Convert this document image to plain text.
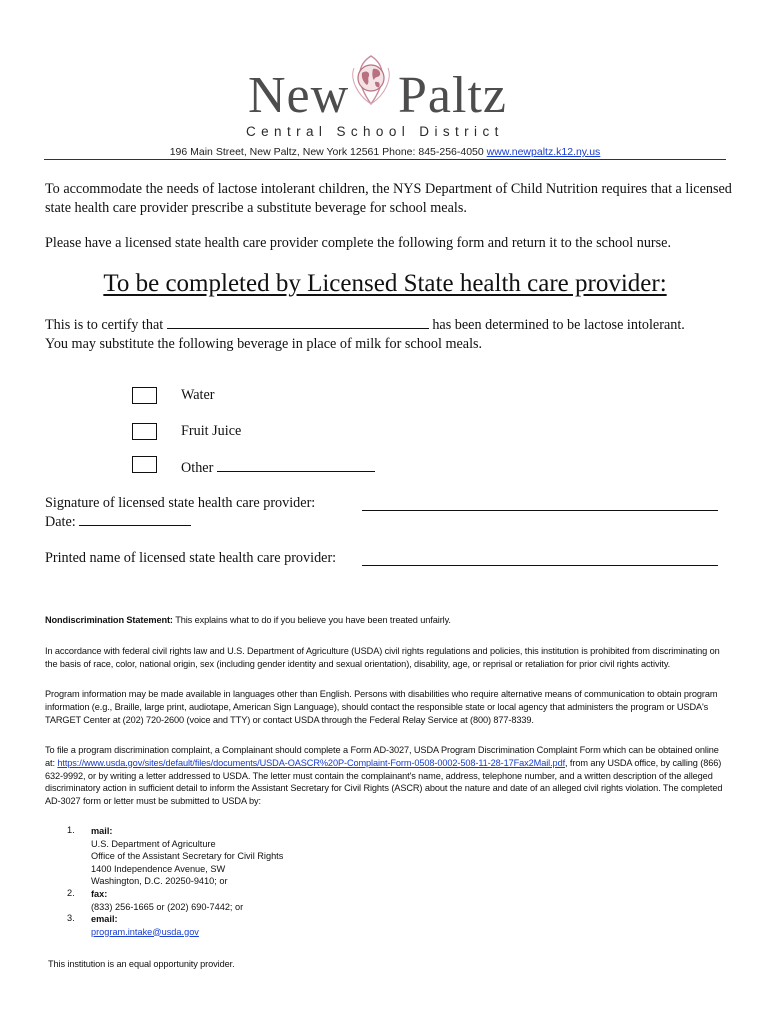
New Paltz
Central School District
196 Main Street, New Paltz, New York 12561 Phone: 845-256-4050 www.newpaltz.k12.ny.us
To accommodate the needs of lactose intolerant children, the NYS Department of Child Nutrition requires that a licensed state health care provider prescribe a substitute beverage for school meals.
Please have a licensed state health care provider complete the following form and return it to the school nurse.
To be completed by Licensed State health care provider:
This is to certify that	has been determined to be lactose intolerant.
You may substitute the following beverage in place of milk for school meals.
Water
Fruit Juice
Other
Signature of licensed state health care provider:
Date:
Printed name of licensed state health care provider:
Nondiscrimination Statement: This explains what to do if you believe you have been treated unfairly.
In accordance with federal civil rights law and U.S. Department of Agriculture (USDA) civil rights regulations and policies, this institution is prohibited from discriminating on the basis of race, color, national origin, sex (including gender identity and sexual orientation), disability, age, or reprisal or retaliation for prior civil rights activity.
Program information may be made available in languages other than English. Persons with disabilities who require alternative means of communication to obtain program information (e.g., Braille, large print, audiotape, American Sign Language), should contact the responsible state or local agency that administers the program or USDA's TARGET Center at (202) 720-2600 (voice and TTY) or contact USDA through the Federal Relay Service at (800) 877-8339.
To file a program discrimination complaint, a Complainant should complete a Form AD-3027, USDA Program Discrimination Complaint Form which can be obtained online at: https://www.usda.gov/sites/default/files/documents/USDA-OASCR%20P-Complaint-Form-0508-0002-508-11-28-17Fax2Mail.pdf, from any USDA office, by calling (866) 632-9992, or by writing a letter addressed to USDA. The letter must contain the complainant's name, address, telephone number, and a written description of the alleged discriminatory action in sufficient detail to inform the Assistant Secretary for Civil Rights (ASCR) about the nature and date of an alleged civil rights violation. The completed AD-3027 form or letter must be submitted to USDA by:
1. mail:
U.S. Department of Agriculture
Office of the Assistant Secretary for Civil Rights
1400 Independence Avenue, SW
Washington, D.C. 20250-9410; or
2. fax:
(833) 256-1665 or (202) 690-7442; or
3. email:
program.intake@usda.gov
This institution is an equal opportunity provider.
